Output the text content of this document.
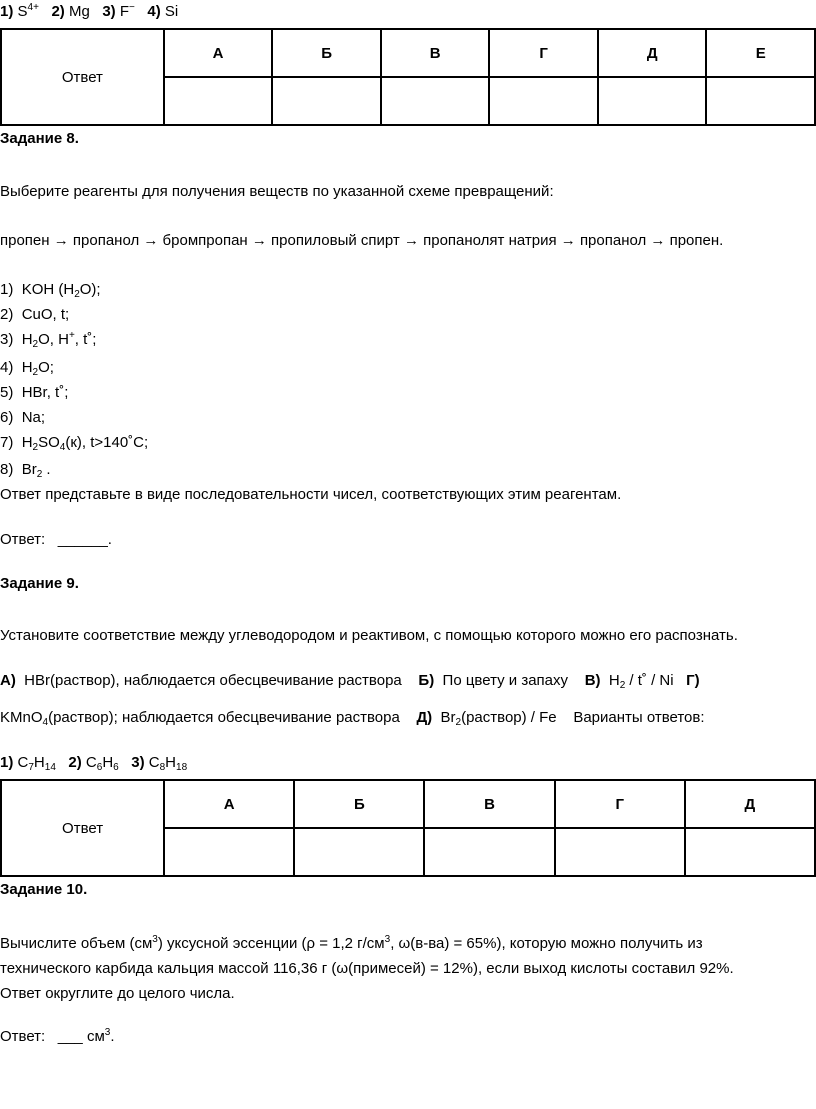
1) $S^{4+}$ 2) Mg 3) F− 4) Si
Ответ	А	Б	В	Г	Д	Е

Задание 8.
Выберите реагенты для получения веществ по указанной схеме превращений:
пропен → пропанол → бромпропан → пропиловый спирт → пропанолят натрия → пропанол → пропен.
1) KOH $(H_2O)$;
2) CuO, t;
3) $H_2O$, H+, t˚;
4) $H_2O$;
5) HBr, t˚;
6) Na;
7) $H_2SO_4(к)$, t>140˚C;
8) $Br_2$ .
Ответ представьте в виде последовательности чисел, соответствующих этим реагентам.
Ответ: ______.
Задание 9.
Установите соответствие между углеводородом и реактивом, с помощью которого можно его распознать.
А) HBr(раствор), наблюдается обесцвечивание раствора Б) По цвету и запаху В) $H_2$ / t˚ / Ni Г)
KMnO$_4$(раствор); наблюдается обесцвечивание раствора Д) $Br_2(раствор)$ / Fe Варианты ответов:
1) $C_7H_{14}$ 2) $C_6H_6$ 3) $C_8H_{18}$
Ответ	А	Б	В	Г	Д

Задание 10.
Вычислите объем $(см^3)$ уксусной эссенции (ρ = 1,2 $г/см^3$, ω(в-ва) = 65%), которую можно получить из
технического карбида кальция массой 116,36 г (ω(примесей) = 12%), если выход кислоты составил 92%.
Ответ округлите до целого числа.
Ответ: ___ $см^3$.
